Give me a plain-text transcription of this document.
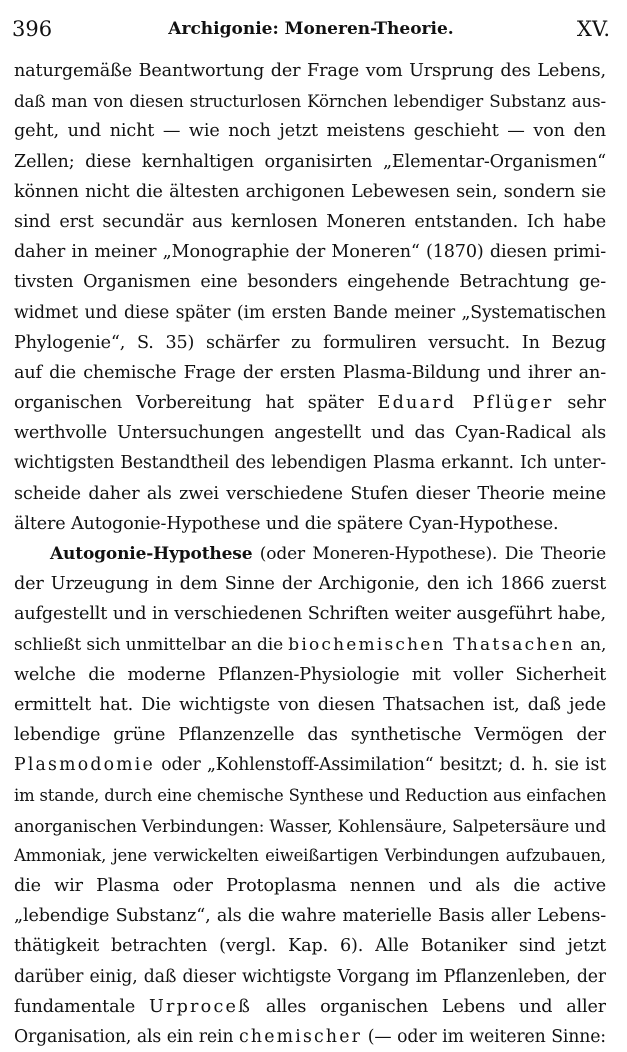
396	Archigonie: Moneren-Theorie.	XV.
naturgemäße Beantwortung der Frage vom Ursprung des Lebens,
daß man von diesen structurlosen Körnchen lebendiger Substanz aus-
geht, und nicht — wie noch jetzt meistens geschieht — von den
Zellen; diese kernhaltigen organisirten „Elementar-Organismen“
können nicht die ältesten archigonen Lebewesen sein, sondern sie
sind erst secundär aus kernlosen Moneren entstanden. Ich habe
daher in meiner „Monographie der Moneren“ (1870) diesen primi-
tivsten Organismen eine besonders eingehende Betrachtung ge-
widmet und diese später (im ersten Bande meiner „Systematischen
Phylogenie“, S. 35) schärfer zu formuliren versucht. In Bezug
auf die chemische Frage der ersten Plasma-Bildung und ihrer an-
organischen Vorbereitung hat später Eduard Pflüger sehr
werthvolle Untersuchungen angestellt und das Cyan-Radical als
wichtigsten Bestandtheil des lebendigen Plasma erkannt. Ich unter-
scheide daher als zwei verschiedene Stufen dieser Theorie meine
ältere Autogonie-Hypothese und die spätere Cyan-Hypothese.
Autogonie-Hypothese (oder Moneren-Hypothese). Die Theorie
der Urzeugung in dem Sinne der Archigonie, den ich 1866 zuerst
aufgestellt und in verschiedenen Schriften weiter ausgeführt habe,
schließt sich unmittelbar an die biochemischen Thatsachen an,
welche die moderne Pflanzen-Physiologie mit voller Sicherheit
ermittelt hat. Die wichtigste von diesen Thatsachen ist, daß jede
lebendige grüne Pflanzenzelle das synthetische Vermögen der
Plasmodomie oder „Kohlenstoff-Assimilation“ besitzt; d. h. sie ist
im stande, durch eine chemische Synthese und Reduction aus einfachen
anorganischen Verbindungen: Wasser, Kohlensäure, Salpetersäure und
Ammoniak, jene verwickelten eiweißartigen Verbindungen aufzubauen,
die wir Plasma oder Protoplasma nennen und als die active
„lebendige Substanz“, als die wahre materielle Basis aller Lebens-
thätigkeit betrachten (vergl. Kap. 6). Alle Botaniker sind jetzt
darüber einig, daß dieser wichtigste Vorgang im Pflanzenleben, der
fundamentale Urproceß alles organischen Lebens und aller
Organisation, als ein rein chemischer (— oder im weiteren Sinne:
